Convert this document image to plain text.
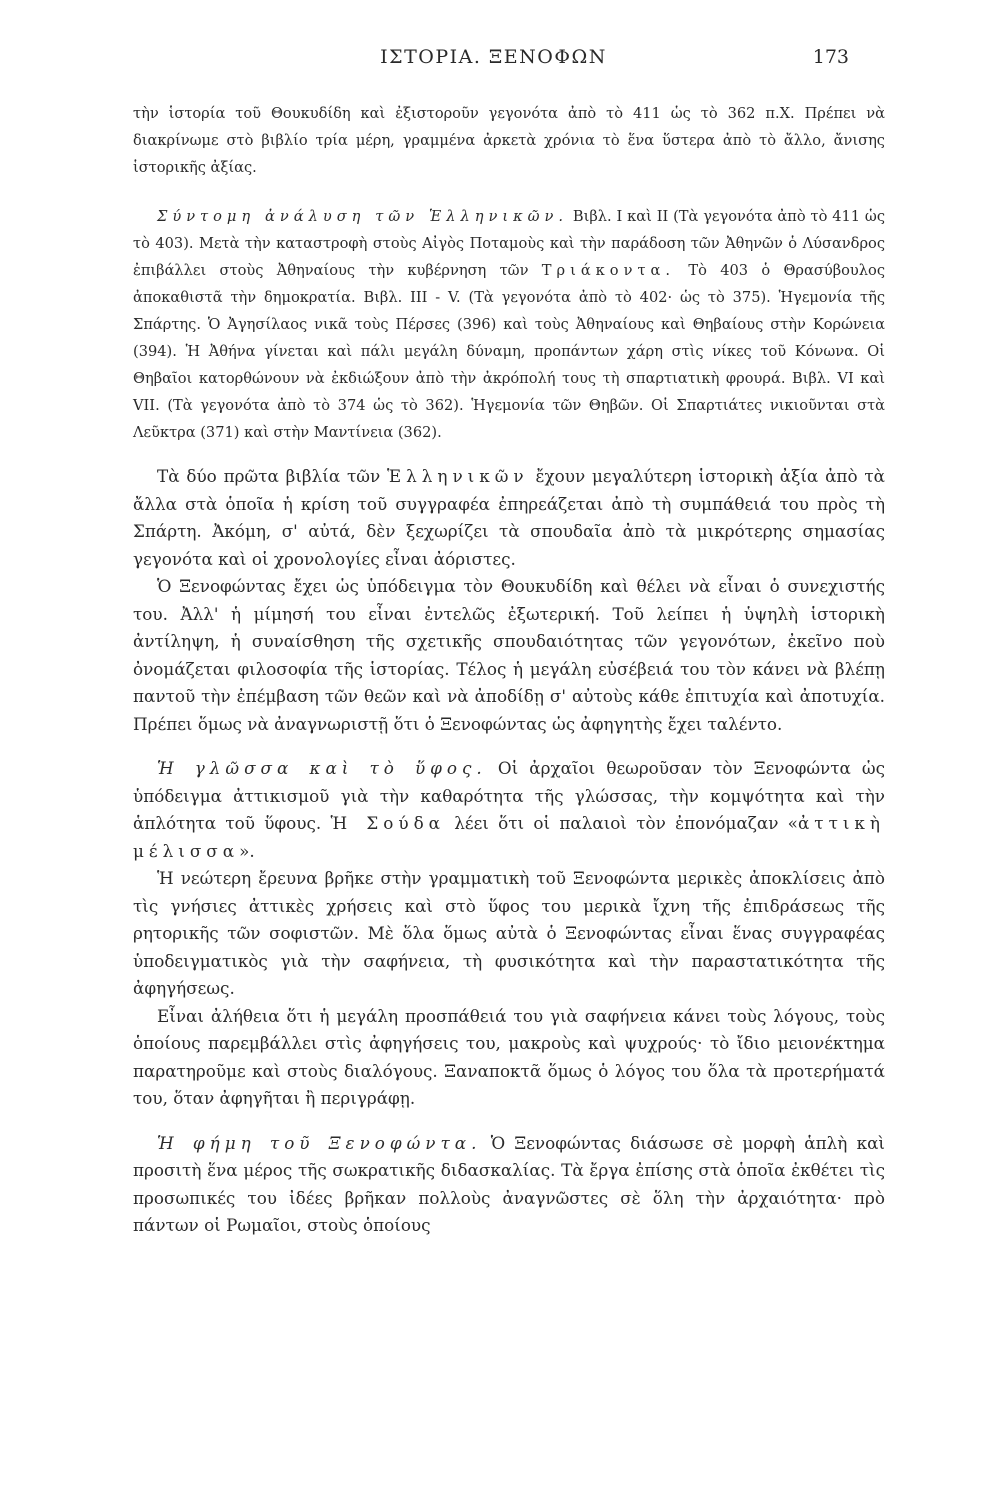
ΙΣΤΟΡΙΑ. ΞΕΝΟΦΩΝ	173

τὴν ἱστορία τοῦ Θουκυδίδη καὶ ἐξιστοροῦν γεγονότα ἀπὸ τὸ 411 ὡς τὸ 362 π.Χ. Πρέπει νὰ διακρίνωμε στὸ βιβλίο τρία μέρη, γραμμένα ἀρκετὰ χρόνια τὸ ἕνα ὕστερα ἀπὸ τὸ ἄλλο, ἄνισης ἱστορικῆς ἀξίας.

Σύντομη ἀνάλυση τῶν Ἑλληνικῶν. Βιβλ. I καὶ II (Τὰ γεγονότα ἀπὸ τὸ 411 ὡς τὸ 403). Μετὰ τὴν καταστροφὴ στοὺς Αἰγὸς Ποταμοὺς καὶ τὴν παράδοση τῶν Ἀθηνῶν ὁ Λύσανδρος ἐπιβάλλει στοὺς Ἀθηναίους τὴν κυβέρνηση τῶν Τριάκοντα. Τὸ 403 ὁ Θρασύβουλος ἀποκαθιστᾶ τὴν δημοκρατία. Βιβλ. III - V. (Τὰ γεγονότα ἀπὸ τὸ 402· ὡς τὸ 375). Ἡγεμονία τῆς Σπάρτης. Ὁ Ἀγησίλαος νικᾶ τοὺς Πέρσες (396) καὶ τοὺς Ἀθηναίους καὶ Θηβαίους στὴν Κορώνεια (394). Ἡ Ἀθήνα γίνεται καὶ πάλι μεγάλη δύναμη, προπάντων χάρη στὶς νίκες τοῦ Κόνωνα. Οἱ Θηβαῖοι κατορθώνουν νὰ ἐκδιώξουν ἀπὸ τὴν ἀκρόπολή τους τὴ σπαρτιατικὴ φρουρά. Βιβλ. VI καὶ VII. (Τὰ γεγονότα ἀπὸ τὸ 374 ὡς τὸ 362). Ἡγεμονία τῶν Θηβῶν. Οἱ Σπαρτιάτες νικιοῦνται στὰ Λεῦκτρα (371) καὶ στὴν Μαντίνεια (362).

Τὰ δύο πρῶτα βιβλία τῶν Ἑλληνικῶν ἔχουν μεγαλύτερη ἱστορικὴ ἀξία ἀπὸ τὰ ἄλλα στὰ ὁποῖα ἡ κρίση τοῦ συγγραφέα ἐπηρεάζεται ἀπὸ τὴ συμπάθειά του πρὸς τὴ Σπάρτη. Ἀκόμη, σ' αὐτά, δὲν ξεχωρίζει τὰ σπουδαῖα ἀπὸ τὰ μικρότερης σημασίας γεγονότα καὶ οἱ χρονολογίες εἶναι ἀόριστες.

Ὁ Ξενοφώντας ἔχει ὡς ὑπόδειγμα τὸν Θουκυδίδη καὶ θέλει νὰ εἶναι ὁ συνεχιστής του. Ἀλλ' ἡ μίμησή του εἶναι ἐντελῶς ἐξωτερική. Τοῦ λείπει ἡ ὑψηλὴ ἱστορικὴ ἀντίληψη, ἡ συναίσθηση τῆς σχετικῆς σπουδαιότητας τῶν γεγονότων, ἐκεῖνο ποὺ ὀνομάζεται φιλοσοφία τῆς ἱστορίας. Τέλος ἡ μεγάλη εὐσέβειά του τὸν κάνει νὰ βλέπῃ παντοῦ τὴν ἐπέμβαση τῶν θεῶν καὶ νὰ ἀποδίδῃ σ' αὐτοὺς κάθε ἐπιτυχία καὶ ἀποτυχία. Πρέπει ὅμως νὰ ἀναγνωριστῇ ὅτι ὁ Ξενοφώντας ὡς ἀφηγητὴς ἔχει ταλέντο.

Ἡ γλῶσσα καὶ τὸ ὕφος. Οἱ ἀρχαῖοι θεωροῦσαν τὸν Ξενοφώντα ὡς ὑπόδειγμα ἀττικισμοῦ γιὰ τὴν καθαρότητα τῆς γλώσσας, τὴν κομψότητα καὶ τὴν ἁπλότητα τοῦ ὕφους. Ἡ Σούδα λέει ὅτι οἱ παλαιοὶ τὸν ἐπονόμαζαν «ἀττικὴ μέλισσα».

Ἡ νεώτερη ἔρευνα βρῆκε στὴν γραμματικὴ τοῦ Ξενοφώντα μερικὲς ἀποκλίσεις ἀπὸ τὶς γνήσιες ἀττικὲς χρήσεις καὶ στὸ ὕφος του μερικὰ ἴχνη τῆς ἐπιδράσεως τῆς ρητορικῆς τῶν σοφιστῶν. Μὲ ὅλα ὅμως αὐτὰ ὁ Ξενοφώντας εἶναι ἕνας συγγραφέας ὑποδειγματικὸς γιὰ τὴν σαφήνεια, τὴ φυσικότητα καὶ τὴν παραστατικότητα τῆς ἀφηγήσεως.

Εἶναι ἀλήθεια ὅτι ἡ μεγάλη προσπάθειά του γιὰ σαφήνεια κάνει τοὺς λόγους, τοὺς ὁποίους παρεμβάλλει στὶς ἀφηγήσεις του, μακροὺς καὶ ψυχρούς· τὸ ἴδιο μειονέκτημα παρατηροῦμε καὶ στοὺς διαλόγους. Ξαναποκτᾶ ὅμως ὁ λόγος του ὅλα τὰ προτερήματά του, ὅταν ἀφηγῆται ἢ περιγράφῃ.

Ἡ φήμη τοῦ Ξενοφώντα. Ὁ Ξενοφώντας διάσωσε σὲ μορφὴ ἁπλὴ καὶ προσιτὴ ἕνα μέρος τῆς σωκρατικῆς διδασκαλίας. Τὰ ἔργα ἐπίσης στὰ ὁποῖα ἐκθέτει τὶς προσωπικές του ἰδέες βρῆκαν πολλοὺς ἀναγνῶστες σὲ ὅλη τὴν ἀρχαιότητα· πρὸ πάντων οἱ Ρωμαῖοι, στοὺς ὁποίους
